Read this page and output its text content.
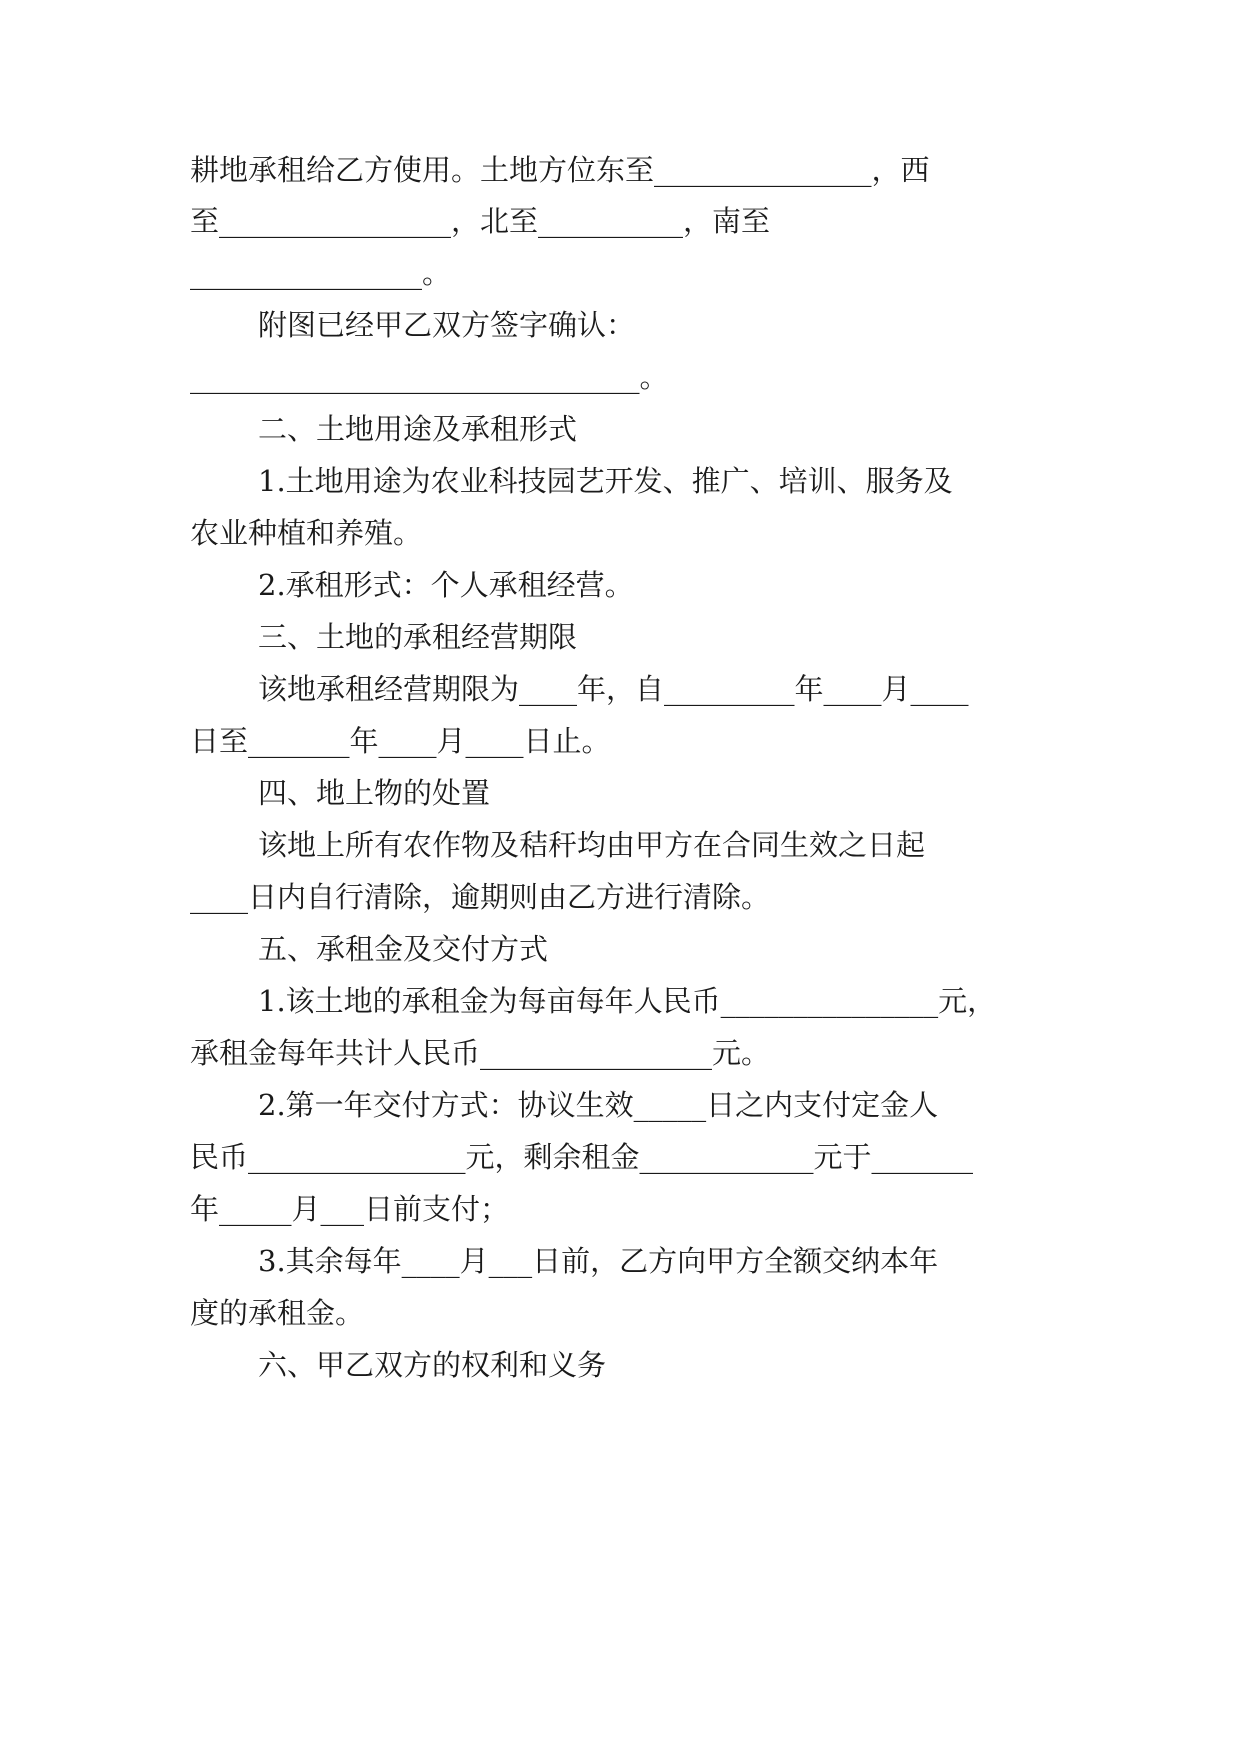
耕地承租给乙方使用。土地方位东至_______________，西

至________________，北至__________，南至

________________。

附图已经甲乙双方签字确认：

_______________________________。

二、土地用途及承租形式

1.土地用途为农业科技园艺开发、推广、培训、服务及

农业种植和养殖。

2.承租形式：个人承租经营。

三、土地的承租经营期限

该地承租经营期限为____年，自_________年____月____

日至_______年____月____日止。

四、地上物的处置

该地上所有农作物及秸秆均由甲方在合同生效之日起

____日内自行清除，逾期则由乙方进行清除。

五、承租金及交付方式

1.该土地的承租金为每亩每年人民币_______________元，

承租金每年共计人民币________________元。

2.第一年交付方式：协议生效_____日之内支付定金人

民币_______________元，剩余租金____________元于_______

年_____月___日前支付；

3.其余每年____月___日前，乙方向甲方全额交纳本年

度的承租金。

六、甲乙双方的权利和义务
